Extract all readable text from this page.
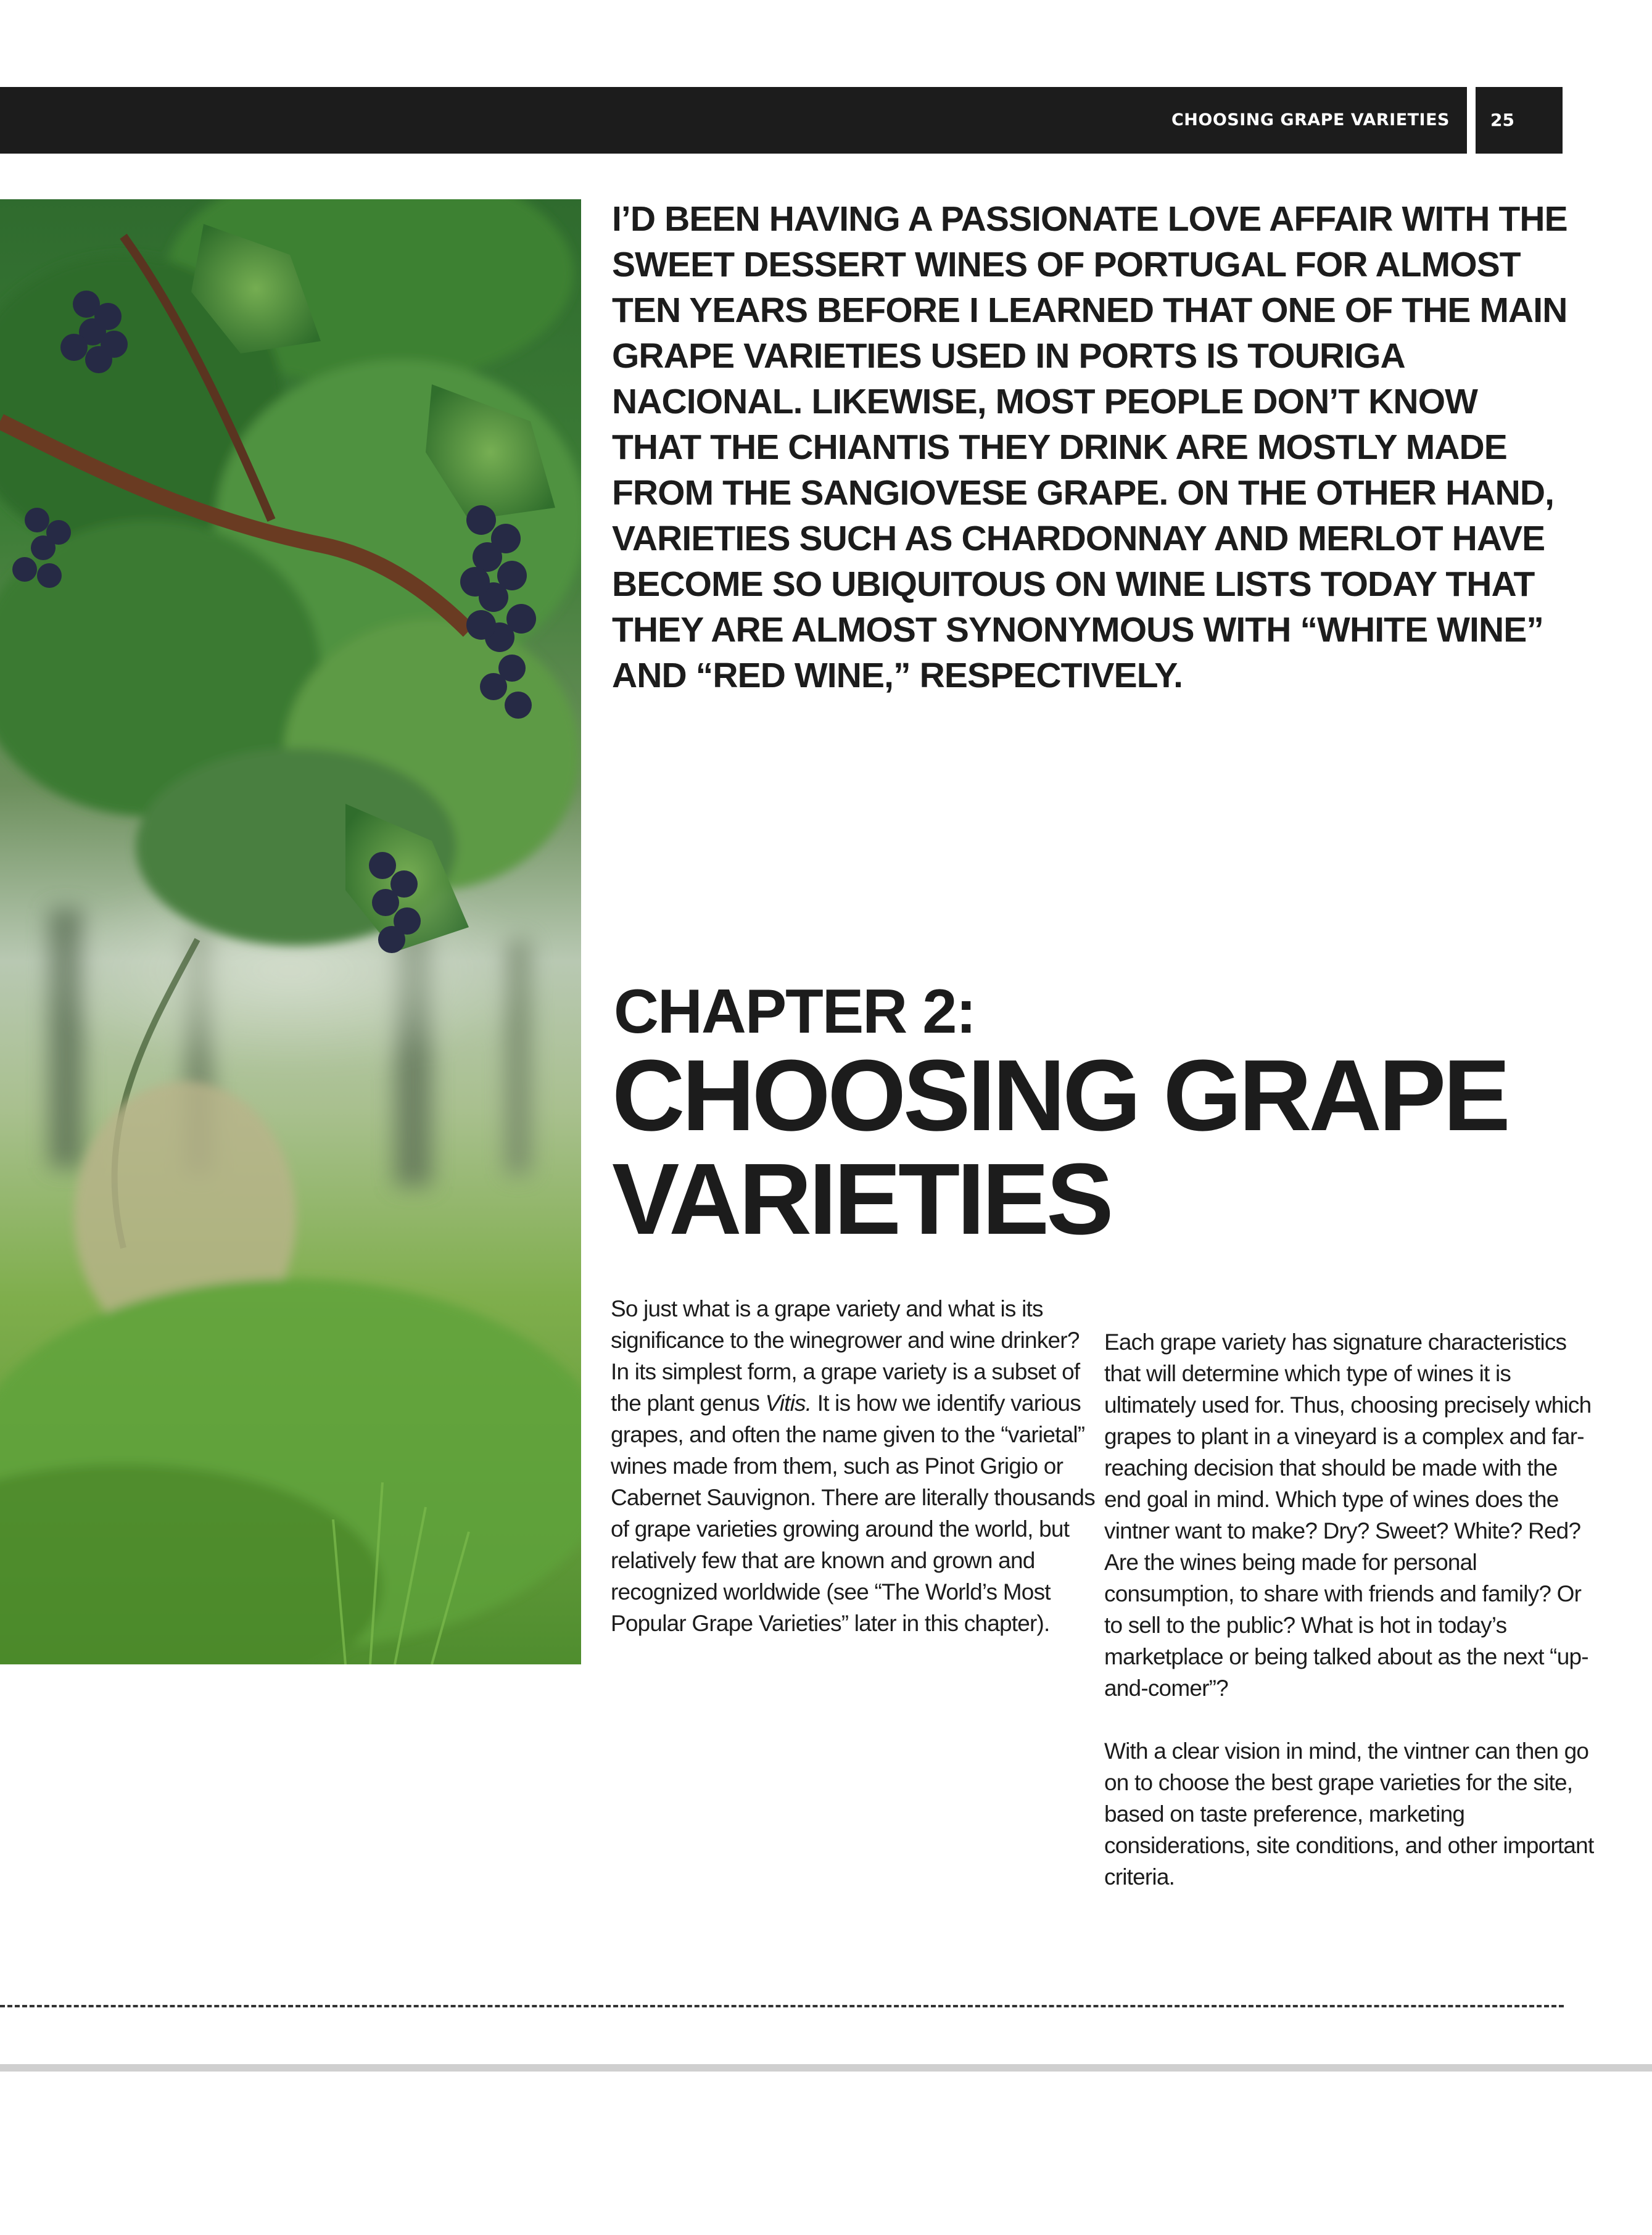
CHOOSING GRAPE VARIETIES 25

I’D BEEN HAVING A PASSIONATE LOVE AFFAIR WITH THE SWEET DESSERT WINES OF PORTUGAL FOR ALMOST TEN YEARS BEFORE I LEARNED THAT ONE OF THE MAIN GRAPE VARIETIES USED IN PORTS IS TOURIGA NACIONAL. LIKEWISE, MOST PEOPLE DON’T KNOW THAT THE CHIANTIS THEY DRINK ARE MOSTLY MADE FROM THE SANGIOVESE GRAPE. ON THE OTHER HAND, VARIETIES SUCH AS CHARDONNAY AND MERLOT HAVE BECOME SO UBIQUITOUS ON WINE LISTS TODAY THAT THEY ARE ALMOST SYNONYMOUS WITH “WHITE WINE” AND “RED WINE,” RESPECTIVELY.

CHAPTER 2:
CHOOSING GRAPE
VARIETIES

So just what is a grape variety and what is its significance to the winegrower and wine drinker? In its simplest form, a grape variety is a subset of the plant genus Vitis. It is how we identify various grapes, and often the name given to the “varietal” wines made from them, such as Pinot Grigio or Cabernet Sauvignon. There are literally thousands of grape varieties growing around the world, but relatively few that are known and grown and recognized worldwide (see “The World’s Most Popular Grape Varieties” later in this chapter).

Each grape variety has signature characteristics that will determine which type of wines it is ultimately used for. Thus, choosing precisely which grapes to plant in a vineyard is a complex and far-reaching decision that should be made with the end goal in mind. Which type of wines does the vintner want to make? Dry? Sweet? White? Red? Are the wines being made for personal consumption, to share with friends and family? Or to sell to the public? What is hot in today’s marketplace or being talked about as the next “up-and-comer”?

With a clear vision in mind, the vintner can then go on to choose the best grape varieties for the site, based on taste preference, marketing considerations, site conditions, and other important criteria.
